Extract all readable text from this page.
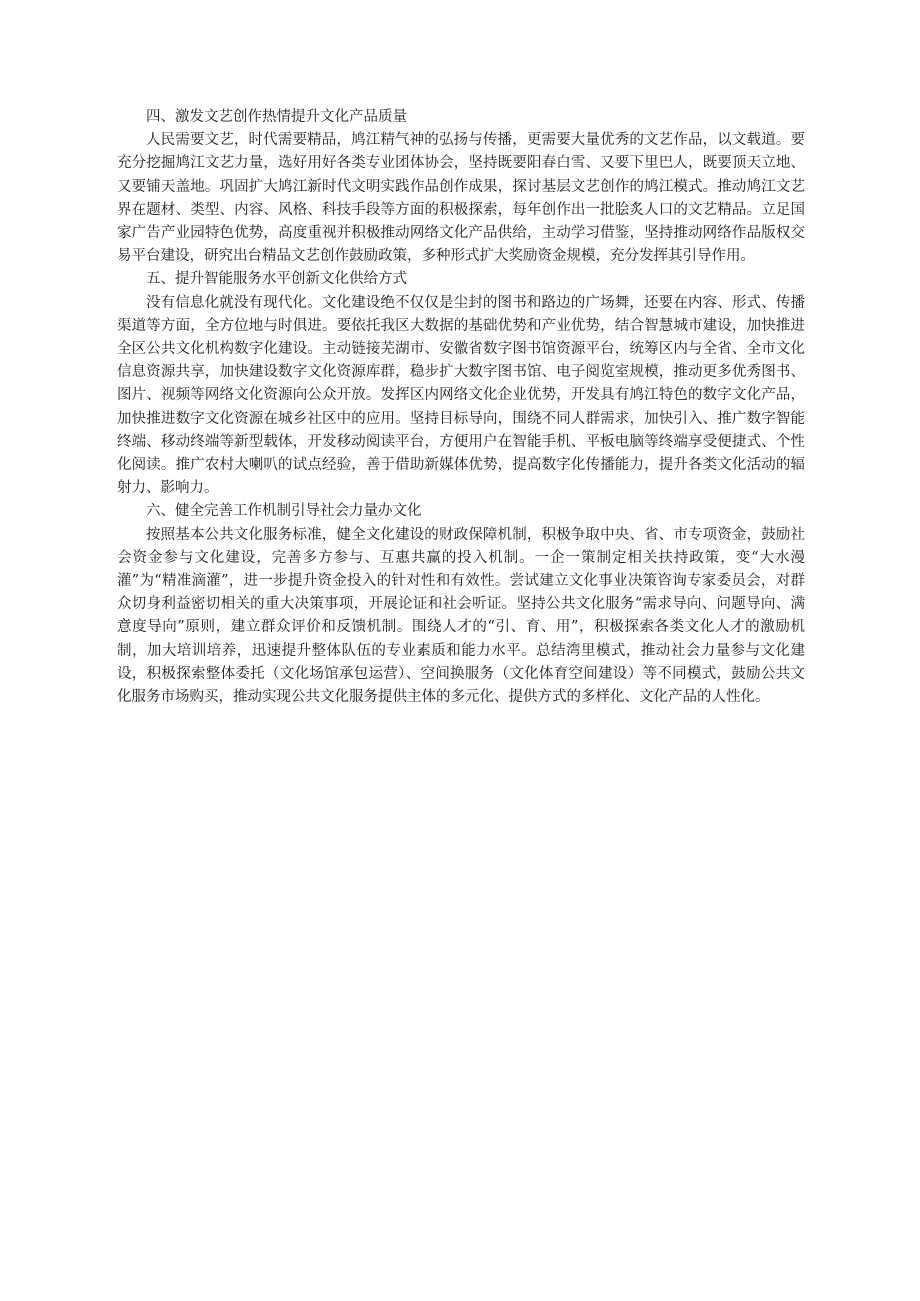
四、激发文艺创作热情提升文化产品质量

人民需要文艺，时代需要精品，鸠江精气神的弘扬与传播，更需要大量优秀的文艺作品，以文载道。要充分挖掘鸠江文艺力量，选好用好各类专业团体协会，坚持既要阳春白雪、又要下里巴人，既要顶天立地、又要铺天盖地。巩固扩大鸠江新时代文明实践作品创作成果，探讨基层文艺创作的鸠江模式。推动鸠江文艺界在题材、类型、内容、风格、科技手段等方面的积极探索，每年创作出一批脍炙人口的文艺精品。立足国家广告产业园特色优势，高度重视并积极推动网络文化产品供给，主动学习借鉴，坚持推动网络作品版权交易平台建设，研究出台精品文艺创作鼓励政策，多种形式扩大奖励资金规模，充分发挥其引导作用。

五、提升智能服务水平创新文化供给方式

没有信息化就没有现代化。文化建设绝不仅仅是尘封的图书和路边的广场舞，还要在内容、形式、传播渠道等方面，全方位地与时俱进。要依托我区大数据的基础优势和产业优势，结合智慧城市建设，加快推进全区公共文化机构数字化建设。主动链接芜湖市、安徽省数字图书馆资源平台，统筹区内与全省、全市文化信息资源共享，加快建设数字文化资源库群，稳步扩大数字图书馆、电子阅览室规模，推动更多优秀图书、图片、视频等网络文化资源向公众开放。发挥区内网络文化企业优势，开发具有鸠江特色的数字文化产品，加快推进数字文化资源在城乡社区中的应用。坚持目标导向，围绕不同人群需求，加快引入、推广数字智能终端、移动终端等新型载体，开发移动阅读平台，方便用户在智能手机、平板电脑等终端享受便捷式、个性化阅读。推广农村大喇叭的试点经验，善于借助新媒体优势，提高数字化传播能力，提升各类文化活动的辐射力、影响力。

六、健全完善工作机制引导社会力量办文化

按照基本公共文化服务标准，健全文化建设的财政保障机制，积极争取中央、省、市专项资金，鼓励社会资金参与文化建设，完善多方参与、互惠共赢的投入机制。一企一策制定相关扶持政策，变“大水漫灌”为“精准滴灌”，进一步提升资金投入的针对性和有效性。尝试建立文化事业决策咨询专家委员会，对群众切身利益密切相关的重大决策事项，开展论证和社会听证。坚持公共文化服务“需求导向、问题导向、满意度导向”原则，建立群众评价和反馈机制。围绕人才的“引、育、用”，积极探索各类文化人才的激励机制，加大培训培养，迅速提升整体队伍的专业素质和能力水平。总结湾里模式，推动社会力量参与文化建设，积极探索整体委托（文化场馆承包运营）、空间换服务（文化体育空间建设）等不同模式，鼓励公共文化服务市场购买，推动实现公共文化服务提供主体的多元化、提供方式的多样化、文化产品的人性化。
